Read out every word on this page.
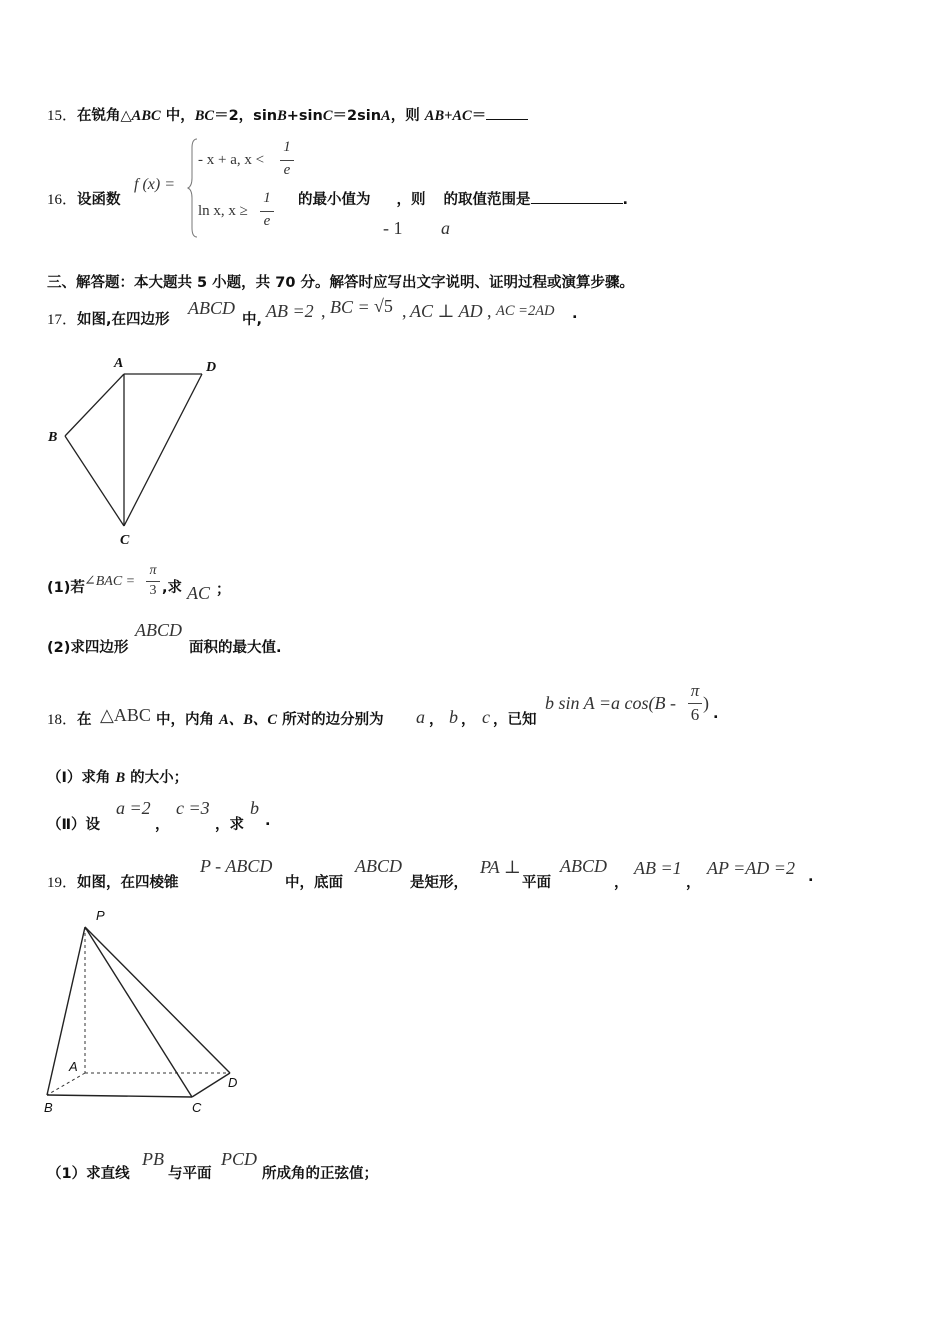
15．在锐角△ABC 中，BC＝2，sinB+sinC＝2sinA，则 AB+AC＝
16．设函数
f (x) =
- x + a, x <
1
e
ln x, x ≥
1
e
的最小值为 ，则 的取值范围是	.
- 1 a
三、解答题：本大题共 5 小题，共 70 分。解答时应写出文字说明、证明过程或演算步骤。
17．如图,在四边形
ABCD
中, AB =2 , BC = √5 , AC ⊥ AD , AC =2AD .
A	D
B
C
(1)若 ∠BAC =
π
3 ,求 AC ；
(2)求四边形
ABCD
面积的最大值.
18．在 △ABC 中，内角 A、B、C 所对的边分别为 a ， b ， c ，已知
b sin A =a cos(B -
π
6
)
.
（Ⅰ）求角 B 的大小；
（Ⅱ）设
a =2
，
c =3
，求
b
.
19．如图，在四棱锥
P - ABCD
中，底面
ABCD
是矩形，
PA ⊥
平面
ABCD
，
AB =1
，
AP =AD =2 .
P
A
B	C
D
（1）求直线
PB
与平面
PCD
所成角的正弦值；
